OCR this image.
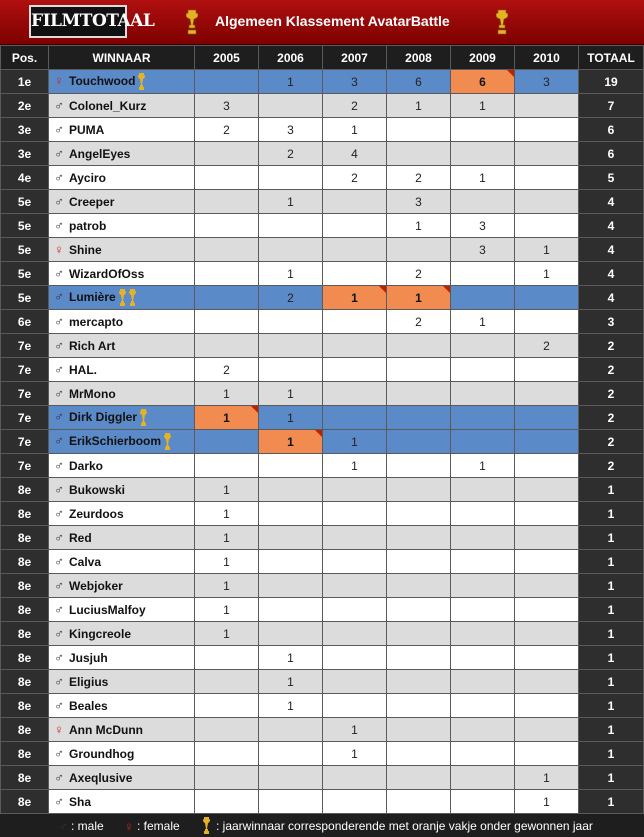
FILMTOTAAL	Algemeen Klassement AvatarBattle
Pos.	WINNAAR	2005	2006	2007	2008	2009	2010	TOTAAL
1e	♀ Touchwood		1	3	6	6	3	19
2e	♂ Colonel_Kurz	3		2	1	1		7
3e	♂ PUMA	2	3	1				6
3e	♂ AngelEyes		2	4				6
4e	♂ Ayciro			2	2	1		5
5e	♂ Creeper		1		3			4
5e	♂ patrob				1	3		4
5e	♀ Shine					3	1	4
5e	♂ WizardOfOss		1		2		1	4
5e	♂ Lumière		2	1	1			4
6e	♂ mercapto				2	1		3
7e	♂ Rich Art						2	2
7e	♂ HAL.	2						2
7e	♂ MrMono	1	1					2
7e	♂ Dirk Diggler	1	1					2
7e	♂ ErikSchierboom		1	1				2
7e	♂ Darko			1		1		2
8e	♂ Bukowski	1						1
8e	♂ Zeurdoos	1						1
8e	♂ Red	1						1
8e	♂ Calva	1						1
8e	♂ Webjoker	1						1
8e	♂ LuciusMalfoy	1						1
8e	♂ Kingcreole	1						1
8e	♂ Jusjuh		1					1
8e	♂ Eligius		1					1
8e	♂ Beales		1					1
8e	♀ Ann McDunn			1				1
8e	♂ Groundhog			1				1
8e	♂ Axeqlusive						1	1
8e	♂ Sha						1	1
♂ : male ♀ : female	: jaarwinnaar corresponderende met oranje vakje onder gewonnen jaar
